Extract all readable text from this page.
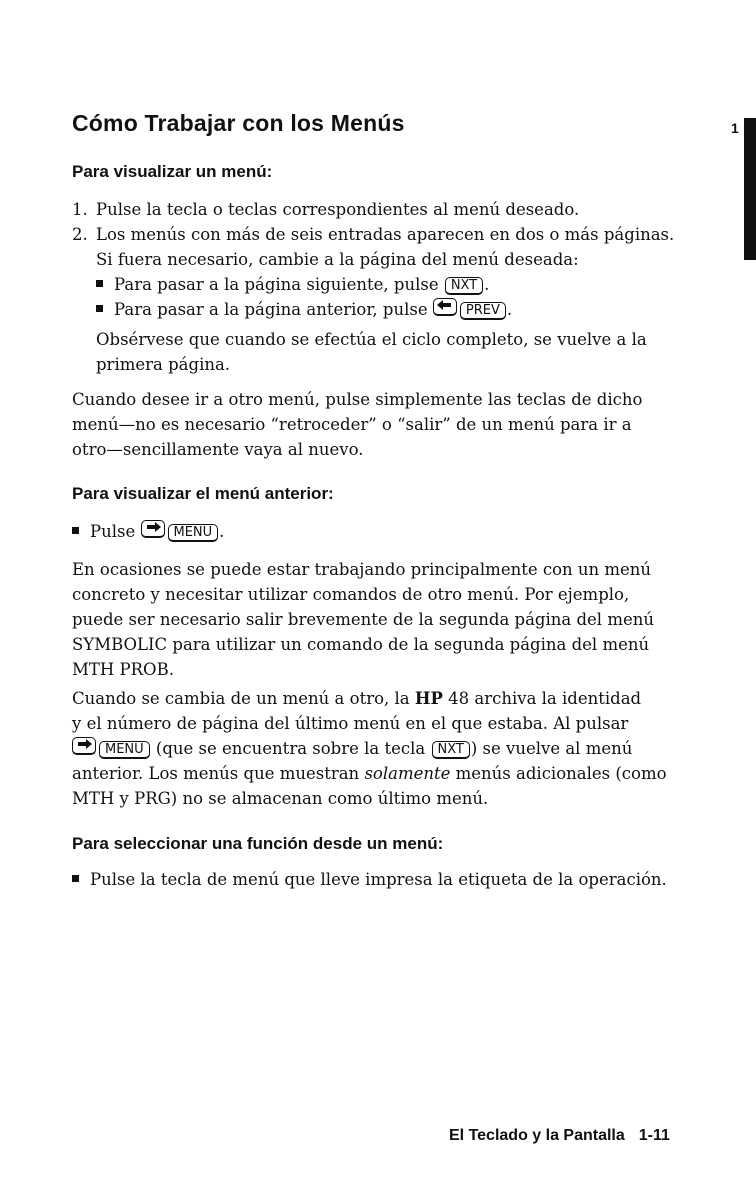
Cómo Trabajar con los Menús	1
Para visualizar un menú:
1. Pulse la tecla o teclas correspondientes al menú deseado.
2. Los menús con más de seis entradas aparecen en dos o más páginas.
Si fuera necesario, cambie a la página del menú deseada:
Para pasar a la página siguiente, pulse NXT .
Para pasar a la página anterior, pulse	PREV .
Obsérvese que cuando se efectúa el ciclo completo, se vuelve a la
primera página.
Cuando desee ir a otro menú, pulse simplemente las teclas de dicho
menú—no es necesario “retroceder” o “salir” de un menú para ir a
otro—sencillamente vaya al nuevo.
Para visualizar el menú anterior:
Pulse	MENU .
En ocasiones se puede estar trabajando principalmente con un menú
concreto y necesitar utilizar comandos de otro menú. Por ejemplo,
puede ser necesario salir brevemente de la segunda página del menú
SYMBOLIC para utilizar un comando de la segunda página del menú
MTH PROB.
Cuando se cambia de un menú a otro, la HP 48 archiva la identidad
y el número de página del último menú en el que estaba. Al pulsar
MENU (que se encuentra sobre la tecla NXT ) se vuelve al menú
anterior. Los menús que muestran solamente menús adicionales (como
MTH y PRG) no se almacenan como último menú.
Para seleccionar una función desde un menú:
Pulse la tecla de menú que lleve impresa la etiqueta de la operación.
El Teclado y la Pantalla 1-11
